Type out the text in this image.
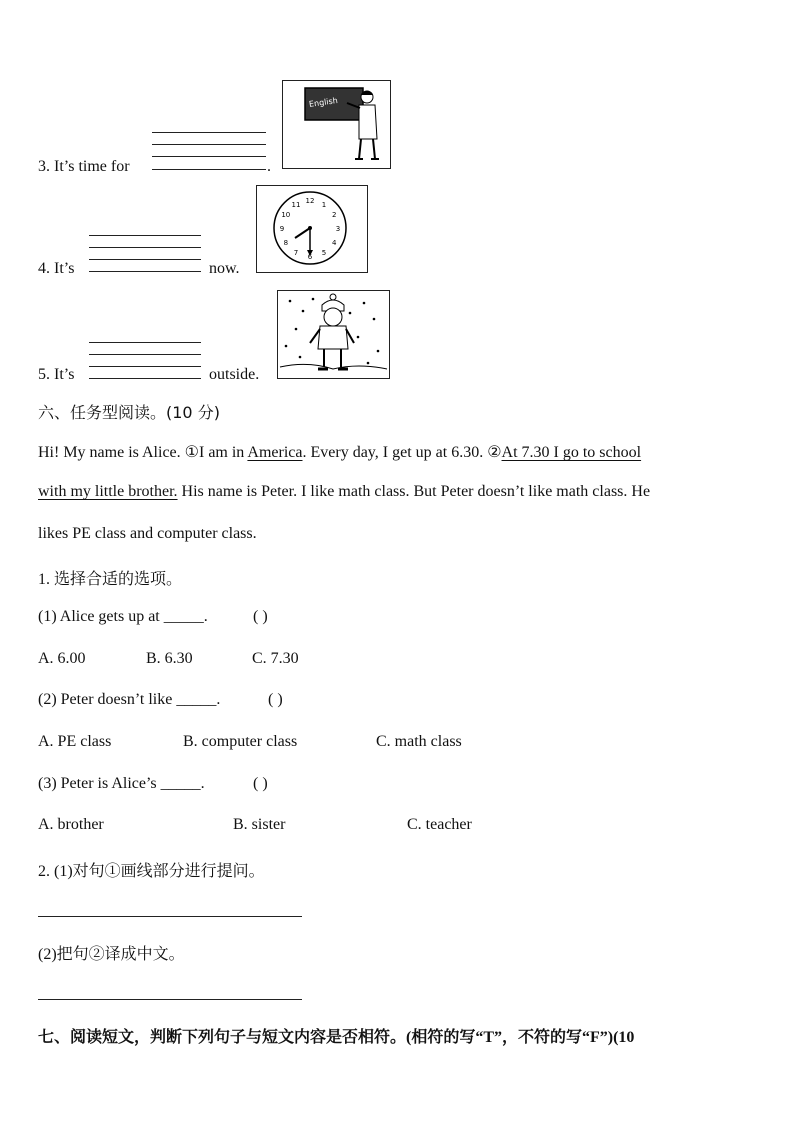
3. It’s time for	.
English
4. It’s	now.
12 1
2
3
4
5
6
7
8
9
10
11
5. It’s	outside.
六、任务型阅读。(10 分)
Hi! My name is Alice. ①I am in America. Every day, I get up at 6.30. ②At 7.30 I go to school
with my little brother. His name is Peter. I like math class. But Peter doesn’t like math class. He
likes PE class and computer class.
1. 选择合适的选项。
(1) Alice gets up at _____.	( )
A. 6.00	B. 6.30	C. 7.30
(2) Peter doesn’t like _____.	( )
A. PE class	B. computer class	C. math class
(3) Peter is Alice’s _____.	( )
A. brother	B. sister	C. teacher
2. (1)对句①画线部分进行提问。
(2)把句②译成中文。
七、阅读短文，判断下列句子与短文内容是否相符。(相符的写“T”，不符的写“F”)(10
